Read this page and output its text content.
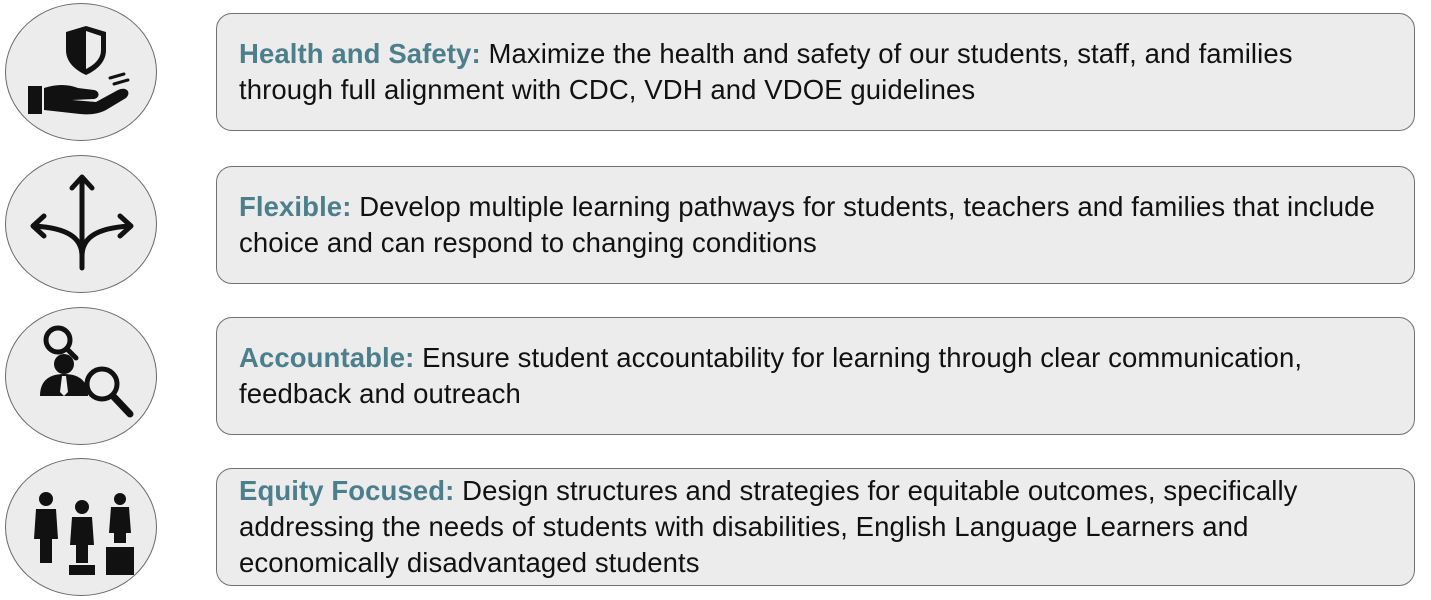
Health and Safety: Maximize the health and safety of our students, staff, and families through full alignment with CDC, VDH and VDOE guidelines
Flexible: Develop multiple learning pathways for students, teachers and families that include choice and can respond to changing conditions
Accountable: Ensure student accountability for learning through clear communication, feedback and outreach
Equity Focused: Design structures and strategies for equitable outcomes, specifically addressing the needs of students with disabilities, English Language Learners and economically disadvantaged students
